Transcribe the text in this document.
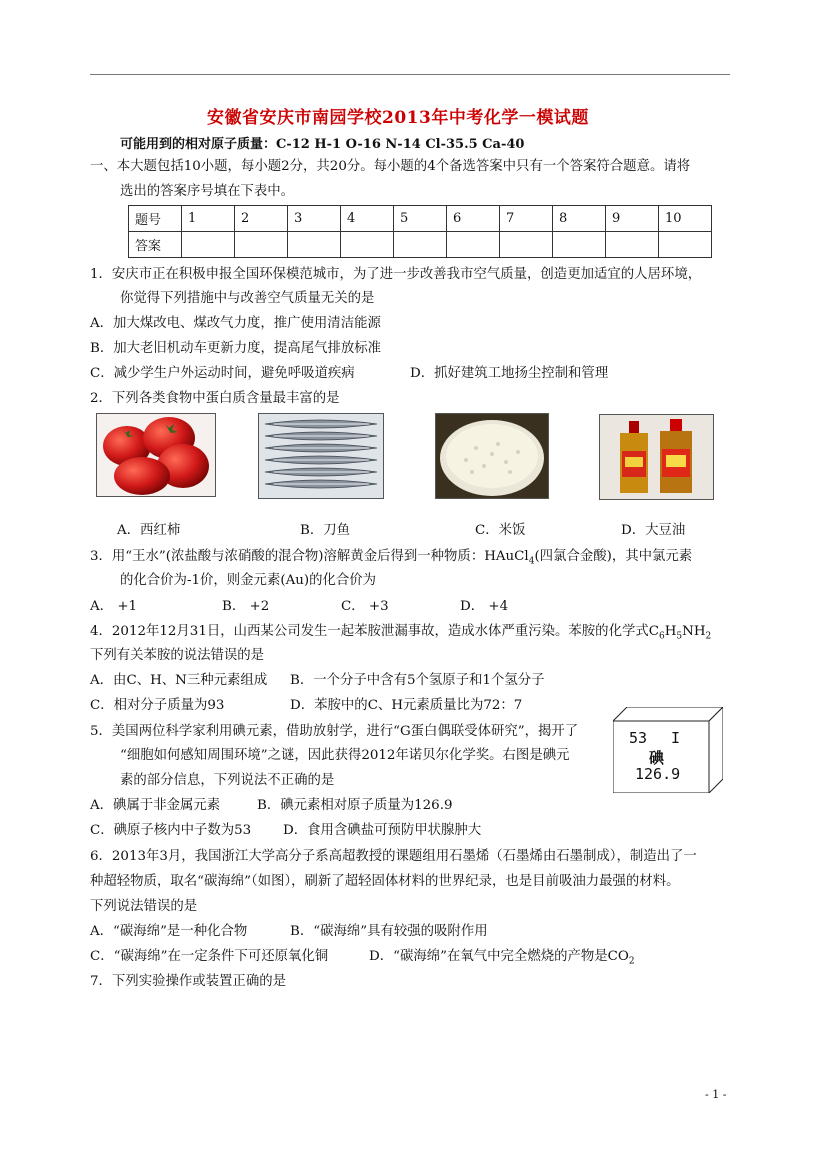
安徽省安庆市南园学校2013年中考化学一模试题
可能用到的相对原子质量：C-12 H-1 O-16 N-14 Cl-35.5 Ca-40
一、本大题包括10小题，每小题2分，共20分。每小题的4个备选答案中只有一个答案符合题意。请将
选出的答案序号填在下表中。
题号	1	2	3	4	5	6	7	8	9	10
答案										
1．安庆市正在积极申报全国环保模范城市，为了进一步改善我市空气质量，创造更加适宜的人居环境，
你觉得下列措施中与改善空气质量无关的是
A．加大煤改电、煤改气力度，推广使用清洁能源
B．加大老旧机动车更新力度，提高尾气排放标准
C．减少学生户外运动时间，避免呼吸道疾病	D．抓好建筑工地扬尘控制和管理
2．下列各类食物中蛋白质含量最丰富的是
A．西红柿	B．刀鱼	C．米饭	D．大豆油
3．用“王水”(浓盐酸与浓硝酸的混合物)溶解黄金后得到一种物质：HAuCl$_4$(四氯合金酸)，其中氯元素
的化合价为-1价，则金元素(Au)的化合价为
A． +1	B． +2	C． +3	D． +4
4．2012年12月31日，山西某公司发生一起苯胺泄漏事故，造成水体严重污染。苯胺的化学式$C_6H_5NH_2$
下列有关苯胺的说法错误的是
A．由C、H、N三种元素组成 B．一个分子中含有5个氢原子和1个氢分子
C．相对分子质量为93	D．苯胺中的C、H元素质量比为72：7
5．美国两位科学家利用碘元素，借助放射学，进行“G蛋白偶联受体研究”，揭开了
“细胞如何感知周围环境”之谜，因此获得2012年诺贝尔化学奖。右图是碘元
素的部分信息，下列说法不正确的是
53 I
碘
126.9
A．碘属于非金属元素	B．碘元素相对原子质量为126.9
C．碘原子核内中子数为53 D．食用含碘盐可预防甲状腺肿大
6．2013年3月，我国浙江大学高分子系高超教授的课题组用石墨烯（石墨烯由石墨制成），制造出了一
种超轻物质，取名“碳海绵”（如图），刷新了超轻固体材料的世界纪录，也是目前吸油力最强的材料。
下列说法错误的是
A．“碳海绵”是一种化合物	B．“碳海绵”具有较强的吸附作用
C．“碳海绵”在一定条件下可还原氧化铜	D．“碳海绵”在氧气中完全燃烧的产物是$CO_2$
7．下列实验操作或装置正确的是
- 1 -
